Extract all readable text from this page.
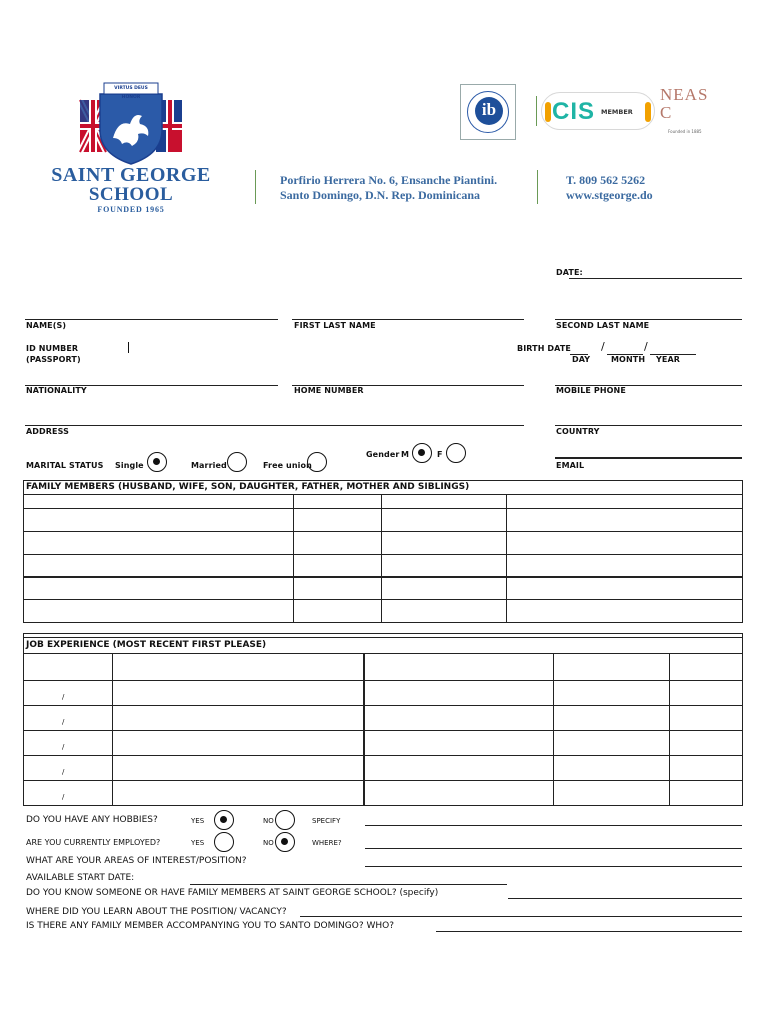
VIRTUS DEUS HONOR
SAINT GEORGE
SCHOOL
FOUNDED 1965
Porfirio Herrera No. 6, Ensanche Piantini.
Santo Domingo, D.N. Rep. Dominicana
T. 809 562 5262
www.stgeorge.do
ib CIS MEMBER
NEASC
Founded in 1885
DATE:
NAME(S)	FIRST LAST NAME	SECOND LAST NAME
ID NUMBER
(PASSPORT)
BIRTH DATE	/	/
DAY	MONTH YEAR
NATIONALITY	HOME NUMBER	MOBILE PHONE
ADDRESS	COUNTRY
MARITAL STATUS Single	Married	Free union
Gender M	F
EMAIL
FAMILY MEMBERS (HUSBAND, WIFE, SON, DAUGHTER, FATHER, MOTHER AND SIBLINGS)
JOB EXPERIENCE (MOST RECENT FIRST PLEASE)
/
/
/
/
/
DO YOU HAVE ANY HOBBIES?	YES	NO	SPECIFY
ARE YOU CURRENTLY EMPLOYED?	YES	NO	WHERE?
WHAT ARE YOUR AREAS OF INTEREST/POSITION?
AVAILABLE START DATE:
DO YOU KNOW SOMEONE OR HAVE FAMILY MEMBERS AT SAINT GEORGE SCHOOL? (specify)
WHERE DID YOU LEARN ABOUT THE POSITION/ VACANCY?
IS THERE ANY FAMILY MEMBER ACCOMPANYING YOU TO SANTO DOMINGO? WHO?
